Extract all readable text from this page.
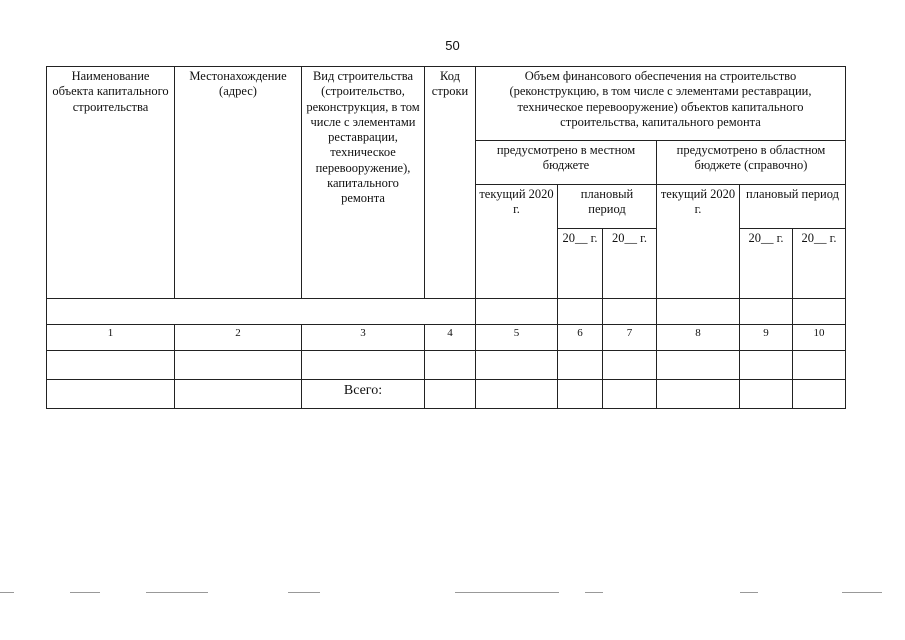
50
Наименование объекта капитального строительства	Местонахождение (адрес)	Вид строительства (строительство, реконструкция, в том числе с элементами реставрации, техническое перевооружение), капитального ремонта	Код строки	Объем финансового обеспечения на строительство (реконструкцию, в том числе с элементами реставрации, техническое перевооружение) объектов капитального строительства, капитального ремонта					
				предусмотрено в местном бюджете			предусмотрено в областном бюджете (справочно)		
				текущий 2020 г.	плановый период		текущий 2020 г.	плановый период	
					20__ г.	20__ г.		20__ г.	20__ г.

1	2	3	4	5	6	7	8	9	10

		Всего:							
